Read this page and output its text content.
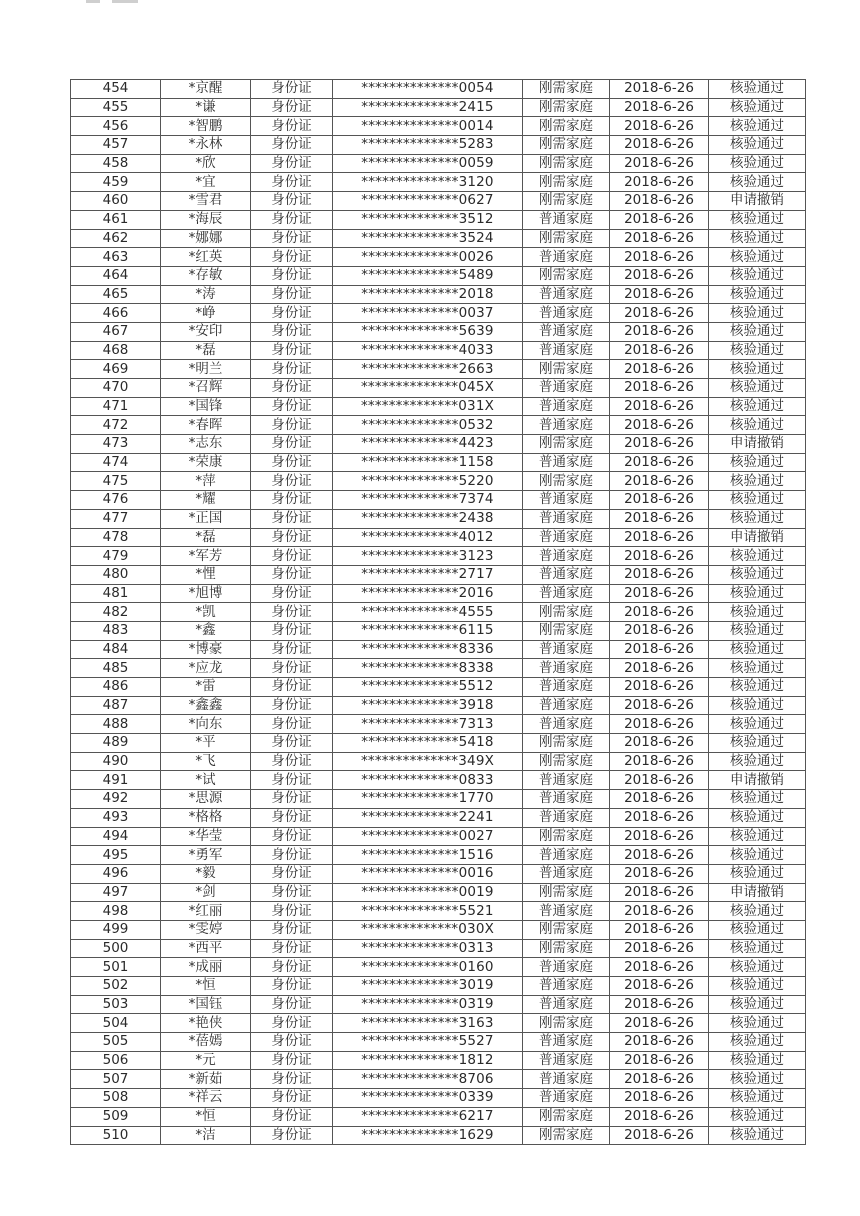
454	*京醒	身份证	**************0054	刚需家庭	2018-6-26	核验通过
455	*谦	身份证	**************2415	刚需家庭	2018-6-26	核验通过
456	*智鹏	身份证	**************0014	刚需家庭	2018-6-26	核验通过
457	*永林	身份证	**************5283	刚需家庭	2018-6-26	核验通过
458	*欣	身份证	**************0059	刚需家庭	2018-6-26	核验通过
459	*宜	身份证	**************3120	刚需家庭	2018-6-26	核验通过
460	*雪君	身份证	**************0627	刚需家庭	2018-6-26	申请撤销
461	*海辰	身份证	**************3512	普通家庭	2018-6-26	核验通过
462	*娜娜	身份证	**************3524	刚需家庭	2018-6-26	核验通过
463	*红英	身份证	**************0026	普通家庭	2018-6-26	核验通过
464	*存敏	身份证	**************5489	刚需家庭	2018-6-26	核验通过
465	*涛	身份证	**************2018	普通家庭	2018-6-26	核验通过
466	*峥	身份证	**************0037	普通家庭	2018-6-26	核验通过
467	*安印	身份证	**************5639	普通家庭	2018-6-26	核验通过
468	*磊	身份证	**************4033	普通家庭	2018-6-26	核验通过
469	*明兰	身份证	**************2663	刚需家庭	2018-6-26	核验通过
470	*召辉	身份证	**************045X	普通家庭	2018-6-26	核验通过
471	*国锋	身份证	**************031X	普通家庭	2018-6-26	核验通过
472	*春晖	身份证	**************0532	普通家庭	2018-6-26	核验通过
473	*志东	身份证	**************4423	刚需家庭	2018-6-26	申请撤销
474	*荣康	身份证	**************1158	普通家庭	2018-6-26	核验通过
475	*萍	身份证	**************5220	刚需家庭	2018-6-26	核验通过
476	*耀	身份证	**************7374	普通家庭	2018-6-26	核验通过
477	*正国	身份证	**************2438	普通家庭	2018-6-26	核验通过
478	*磊	身份证	**************4012	普通家庭	2018-6-26	申请撤销
479	*军芳	身份证	**************3123	普通家庭	2018-6-26	核验通过
480	*悝	身份证	**************2717	普通家庭	2018-6-26	核验通过
481	*旭博	身份证	**************2016	普通家庭	2018-6-26	核验通过
482	*凯	身份证	**************4555	刚需家庭	2018-6-26	核验通过
483	*鑫	身份证	**************6115	刚需家庭	2018-6-26	核验通过
484	*博豪	身份证	**************8336	普通家庭	2018-6-26	核验通过
485	*应龙	身份证	**************8338	普通家庭	2018-6-26	核验通过
486	*雷	身份证	**************5512	普通家庭	2018-6-26	核验通过
487	*鑫鑫	身份证	**************3918	普通家庭	2018-6-26	核验通过
488	*向东	身份证	**************7313	普通家庭	2018-6-26	核验通过
489	*平	身份证	**************5418	刚需家庭	2018-6-26	核验通过
490	*飞	身份证	**************349X	刚需家庭	2018-6-26	核验通过
491	*试	身份证	**************0833	普通家庭	2018-6-26	申请撤销
492	*思源	身份证	**************1770	普通家庭	2018-6-26	核验通过
493	*格格	身份证	**************2241	普通家庭	2018-6-26	核验通过
494	*华莹	身份证	**************0027	刚需家庭	2018-6-26	核验通过
495	*勇军	身份证	**************1516	普通家庭	2018-6-26	核验通过
496	*毅	身份证	**************0016	普通家庭	2018-6-26	核验通过
497	*剑	身份证	**************0019	刚需家庭	2018-6-26	申请撤销
498	*红丽	身份证	**************5521	普通家庭	2018-6-26	核验通过
499	*雯婷	身份证	**************030X	刚需家庭	2018-6-26	核验通过
500	*西平	身份证	**************0313	刚需家庭	2018-6-26	核验通过
501	*成丽	身份证	**************0160	普通家庭	2018-6-26	核验通过
502	*恒	身份证	**************3019	普通家庭	2018-6-26	核验通过
503	*国钰	身份证	**************0319	普通家庭	2018-6-26	核验通过
504	*艳侠	身份证	**************3163	刚需家庭	2018-6-26	核验通过
505	*蓓嫣	身份证	**************5527	普通家庭	2018-6-26	核验通过
506	*元	身份证	**************1812	普通家庭	2018-6-26	核验通过
507	*新茹	身份证	**************8706	普通家庭	2018-6-26	核验通过
508	*祥云	身份证	**************0339	普通家庭	2018-6-26	核验通过
509	*恒	身份证	**************6217	刚需家庭	2018-6-26	核验通过
510	*洁	身份证	**************1629	刚需家庭	2018-6-26	核验通过
